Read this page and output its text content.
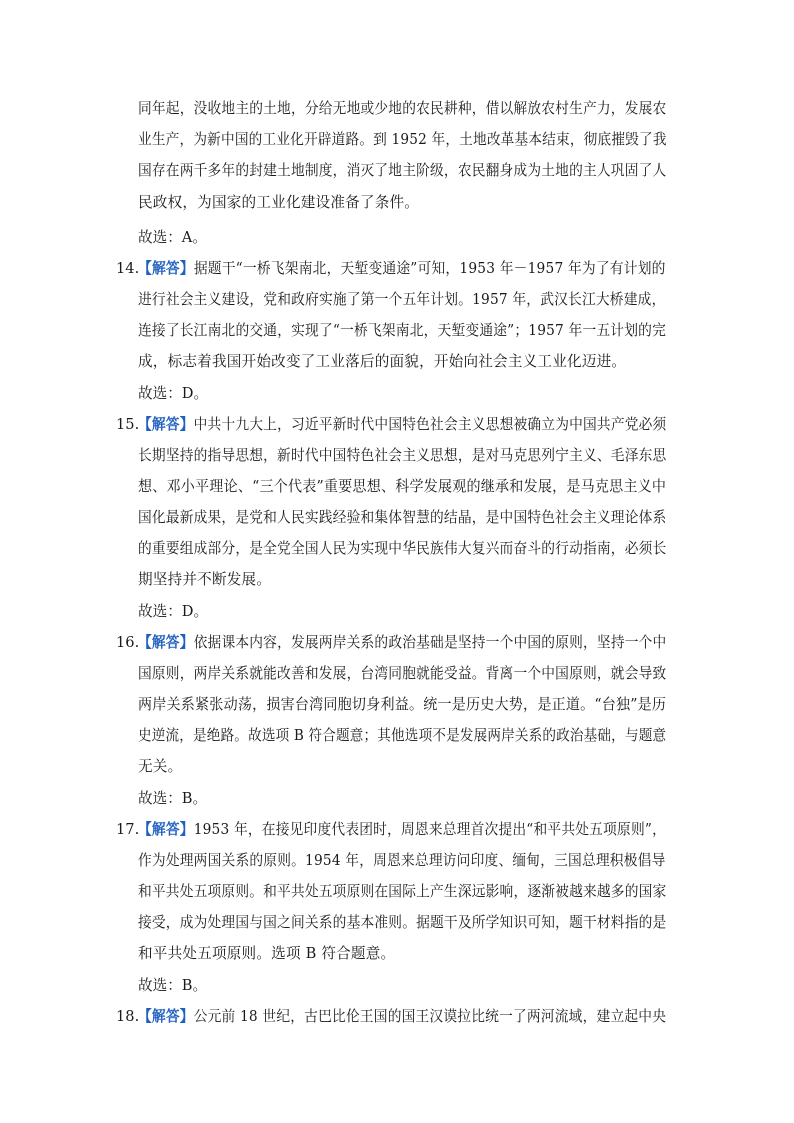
同年起，没收地主的土地，分给无地或少地的农民耕种，借以解放农村生产力，发展农
业生产，为新中国的工业化开辟道路。到 1952 年，土地改革基本结束，彻底摧毁了我
国存在两千多年的封建土地制度，消灭了地主阶级，农民翻身成为土地的主人巩固了人
民政权，为国家的工业化建设准备了条件。
故选：A。
14.
【解答】据题干“一桥飞架南北，天堑变通途”可知，1953 年－1957 年为了有计划的
进行社会主义建设，党和政府实施了第一个五年计划。1957 年，武汉长江大桥建成，
连接了长江南北的交通，实现了“一桥飞架南北，天堑变通途”；1957 年一五计划的完
成，标志着我国开始改变了工业落后的面貌，开始向社会主义工业化迈进。
故选：D。
15.
【解答】中共十九大上，习近平新时代中国特色社会主义思想被确立为中国共产党必须
长期坚持的指导思想，新时代中国特色社会主义思想，是对马克思列宁主义、毛泽东思
想、邓小平理论、“三个代表”重要思想、科学发展观的继承和发展，是马克思主义中
国化最新成果，是党和人民实践经验和集体智慧的结晶，是中国特色社会主义理论体系
的重要组成部分，是全党全国人民为实现中华民族伟大复兴而奋斗的行动指南，必须长
期坚持并不断发展。
故选：D。
16.
【解答】依据课本内容，发展两岸关系的政治基础是坚持一个中国的原则，坚持一个中
国原则，两岸关系就能改善和发展，台湾同胞就能受益。背离一个中国原则，就会导致
两岸关系紧张动荡，损害台湾同胞切身利益。统一是历史大势，是正道。“台独”是历
史逆流，是绝路。故选项 B 符合题意；其他选项不是发展两岸关系的政治基础，与题意
无关。
故选：B。
17.
【解答】1953 年，在接见印度代表团时，周恩来总理首次提出“和平共处五项原则”，
作为处理两国关系的原则。1954 年，周恩来总理访问印度、缅甸，三国总理积极倡导
和平共处五项原则。和平共处五项原则在国际上产生深远影响，逐渐被越来越多的国家
接受，成为处理国与国之间关系的基本准则。据题干及所学知识可知，题干材料指的是
和平共处五项原则。选项 B 符合题意。
故选：B。
18.
【解答】公元前 18 世纪，古巴比伦王国的国王汉谟拉比统一了两河流域，建立起中央
